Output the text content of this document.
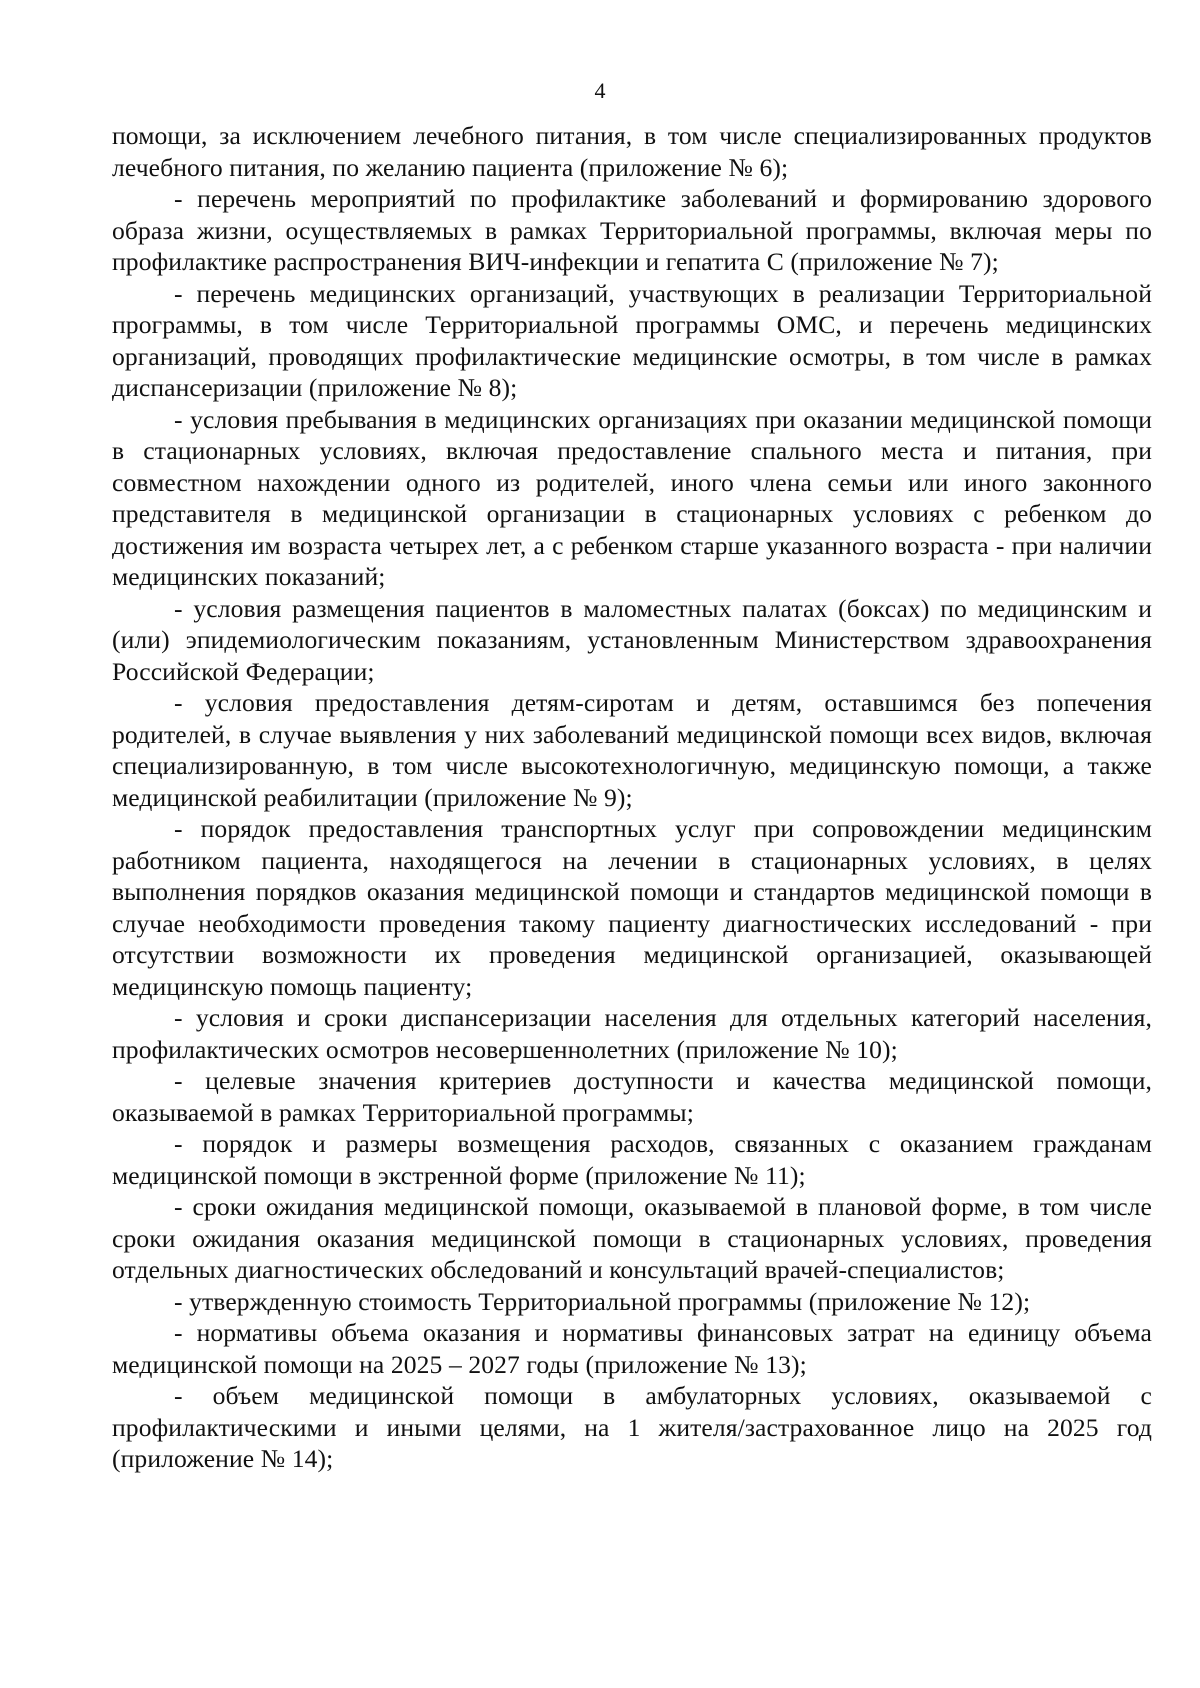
4

помощи, за исключением лечебного питания, в том числе специализированных продуктов лечебного питания, по желанию пациента (приложение № 6);

- перечень мероприятий по профилактике заболеваний и формированию здорового образа жизни, осуществляемых в рамках Территориальной программы, включая меры по профилактике распространения ВИЧ-инфекции и гепатита С (приложение № 7);

- перечень медицинских организаций, участвующих в реализации Территориальной программы, в том числе Территориальной программы ОМС, и перечень медицинских организаций, проводящих профилактические медицинские осмотры, в том числе в рамках диспансеризации (приложение № 8);

- условия пребывания в медицинских организациях при оказании медицинской помощи в стационарных условиях, включая предоставление спального места и питания, при совместном нахождении одного из родителей, иного члена семьи или иного законного представителя в медицинской организации в стационарных условиях с ребенком до достижения им возраста четырех лет, а с ребенком старше указанного возраста - при наличии медицинских показаний;

- условия размещения пациентов в маломестных палатах (боксах) по медицинским и (или) эпидемиологическим показаниям, установленным Министерством здравоохранения Российской Федерации;

- условия предоставления детям-сиротам и детям, оставшимся без попечения родителей, в случае выявления у них заболеваний медицинской помощи всех видов, включая специализированную, в том числе высокотехнологичную, медицинскую помощи, а также медицинской реабилитации (приложение № 9);

- порядок предоставления транспортных услуг при сопровождении медицинским работником пациента, находящегося на лечении в стационарных условиях, в целях выполнения порядков оказания медицинской помощи и стандартов медицинской помощи в случае необходимости проведения такому пациенту диагностических исследований - при отсутствии возможности их проведения медицинской организацией, оказывающей медицинскую помощь пациенту;

- условия и сроки диспансеризации населения для отдельных категорий населения, профилактических осмотров несовершеннолетних (приложение № 10);

- целевые значения критериев доступности и качества медицинской помощи, оказываемой в рамках Территориальной программы;

- порядок и размеры возмещения расходов, связанных с оказанием гражданам медицинской помощи в экстренной форме (приложение № 11);

- сроки ожидания медицинской помощи, оказываемой в плановой форме, в том числе сроки ожидания оказания медицинской помощи в стационарных условиях, проведения отдельных диагностических обследований и консультаций врачей-специалистов;

- утвержденную стоимость Территориальной программы (приложение № 12);

- нормативы объема оказания и нормативы финансовых затрат на единицу объема медицинской помощи на 2025 – 2027 годы (приложение № 13);

- объем медицинской помощи в амбулаторных условиях, оказываемой с профилактическими и иными целями, на 1 жителя/застрахованное лицо на 2025 год (приложение № 14);
